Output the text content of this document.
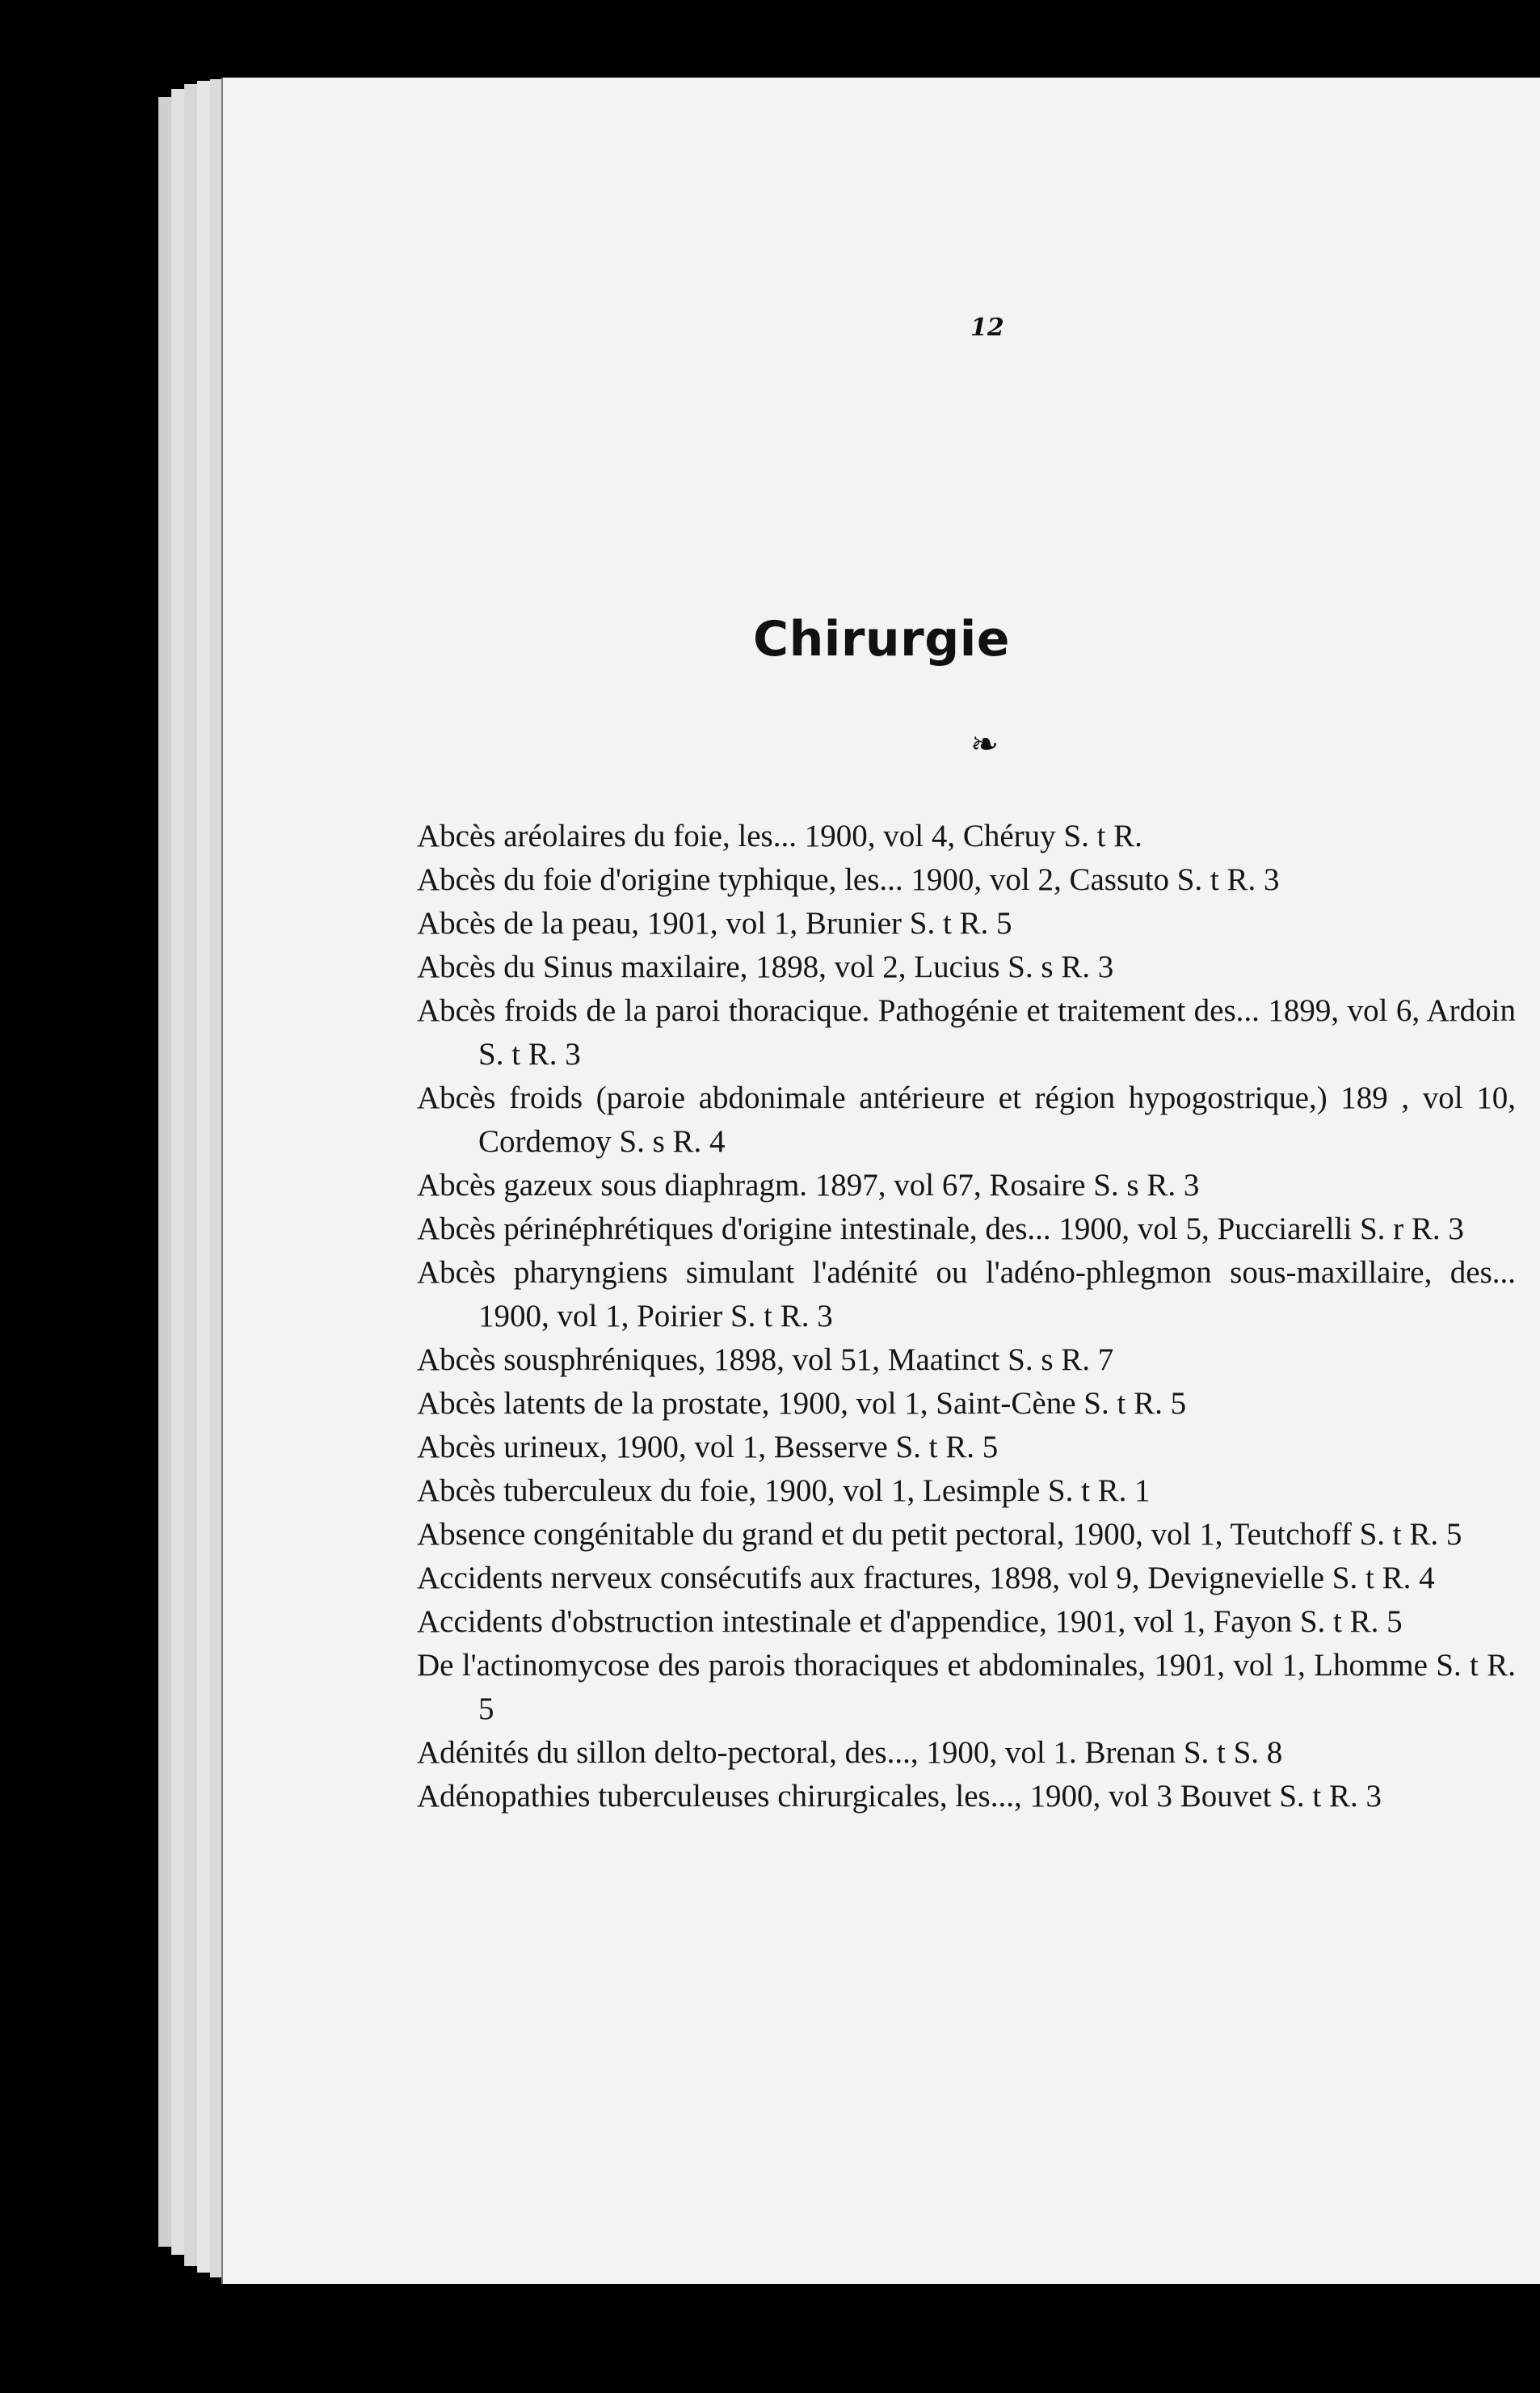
12
Chirurgie
❧
Abcès aréolaires du foie, les... 1900, vol 4, Chéruy S. t R.
Abcès du foie d'origine typhique, les... 1900, vol 2, Cassuto S. t R. 3
Abcès de la peau, 1901, vol 1, Brunier S. t R. 5
Abcès du Sinus maxilaire, 1898, vol 2, Lucius S. s R. 3
Abcès froids de la paroi thoracique. Pathogénie et traitement des... 1899, vol 6, Ardoin S. t R. 3
Abcès froids (paroie abdonimale antérieure et région hypogostrique,) 189 , vol 10, Cordemoy S. s R. 4
Abcès gazeux sous diaphragm. 1897, vol 67, Rosaire S. s R. 3
Abcès périnéphrétiques d'origine intestinale, des... 1900, vol 5, Pucciarelli S. r R. 3
Abcès pharyngiens simulant l'adénité ou l'adéno-phlegmon sous-maxillaire, des... 1900, vol 1, Poirier S. t R. 3
Abcès sousphréniques, 1898, vol 51, Maatinct S. s R. 7
Abcès latents de la prostate, 1900, vol 1, Saint-Cène S. t R. 5
Abcès urineux, 1900, vol 1, Besserve S. t R. 5
Abcès tuberculeux du foie, 1900, vol 1, Lesimple S. t R. 1
Absence congénitable du grand et du petit pectoral, 1900, vol 1, Teutchoff S. t R. 5
Accidents nerveux consécutifs aux fractures, 1898, vol 9, Devignevielle S. t R. 4
Accidents d'obstruction intestinale et d'appendice, 1901, vol 1, Fayon S. t R. 5
De l'actinomycose des parois thoraciques et abdominales, 1901, vol 1, Lhomme S. t R. 5
Adénités du sillon delto-pectoral, des..., 1900, vol 1. Brenan S. t S. 8
Adénopathies tuberculeuses chirurgicales, les..., 1900, vol 3 Bouvet S. t R. 3
